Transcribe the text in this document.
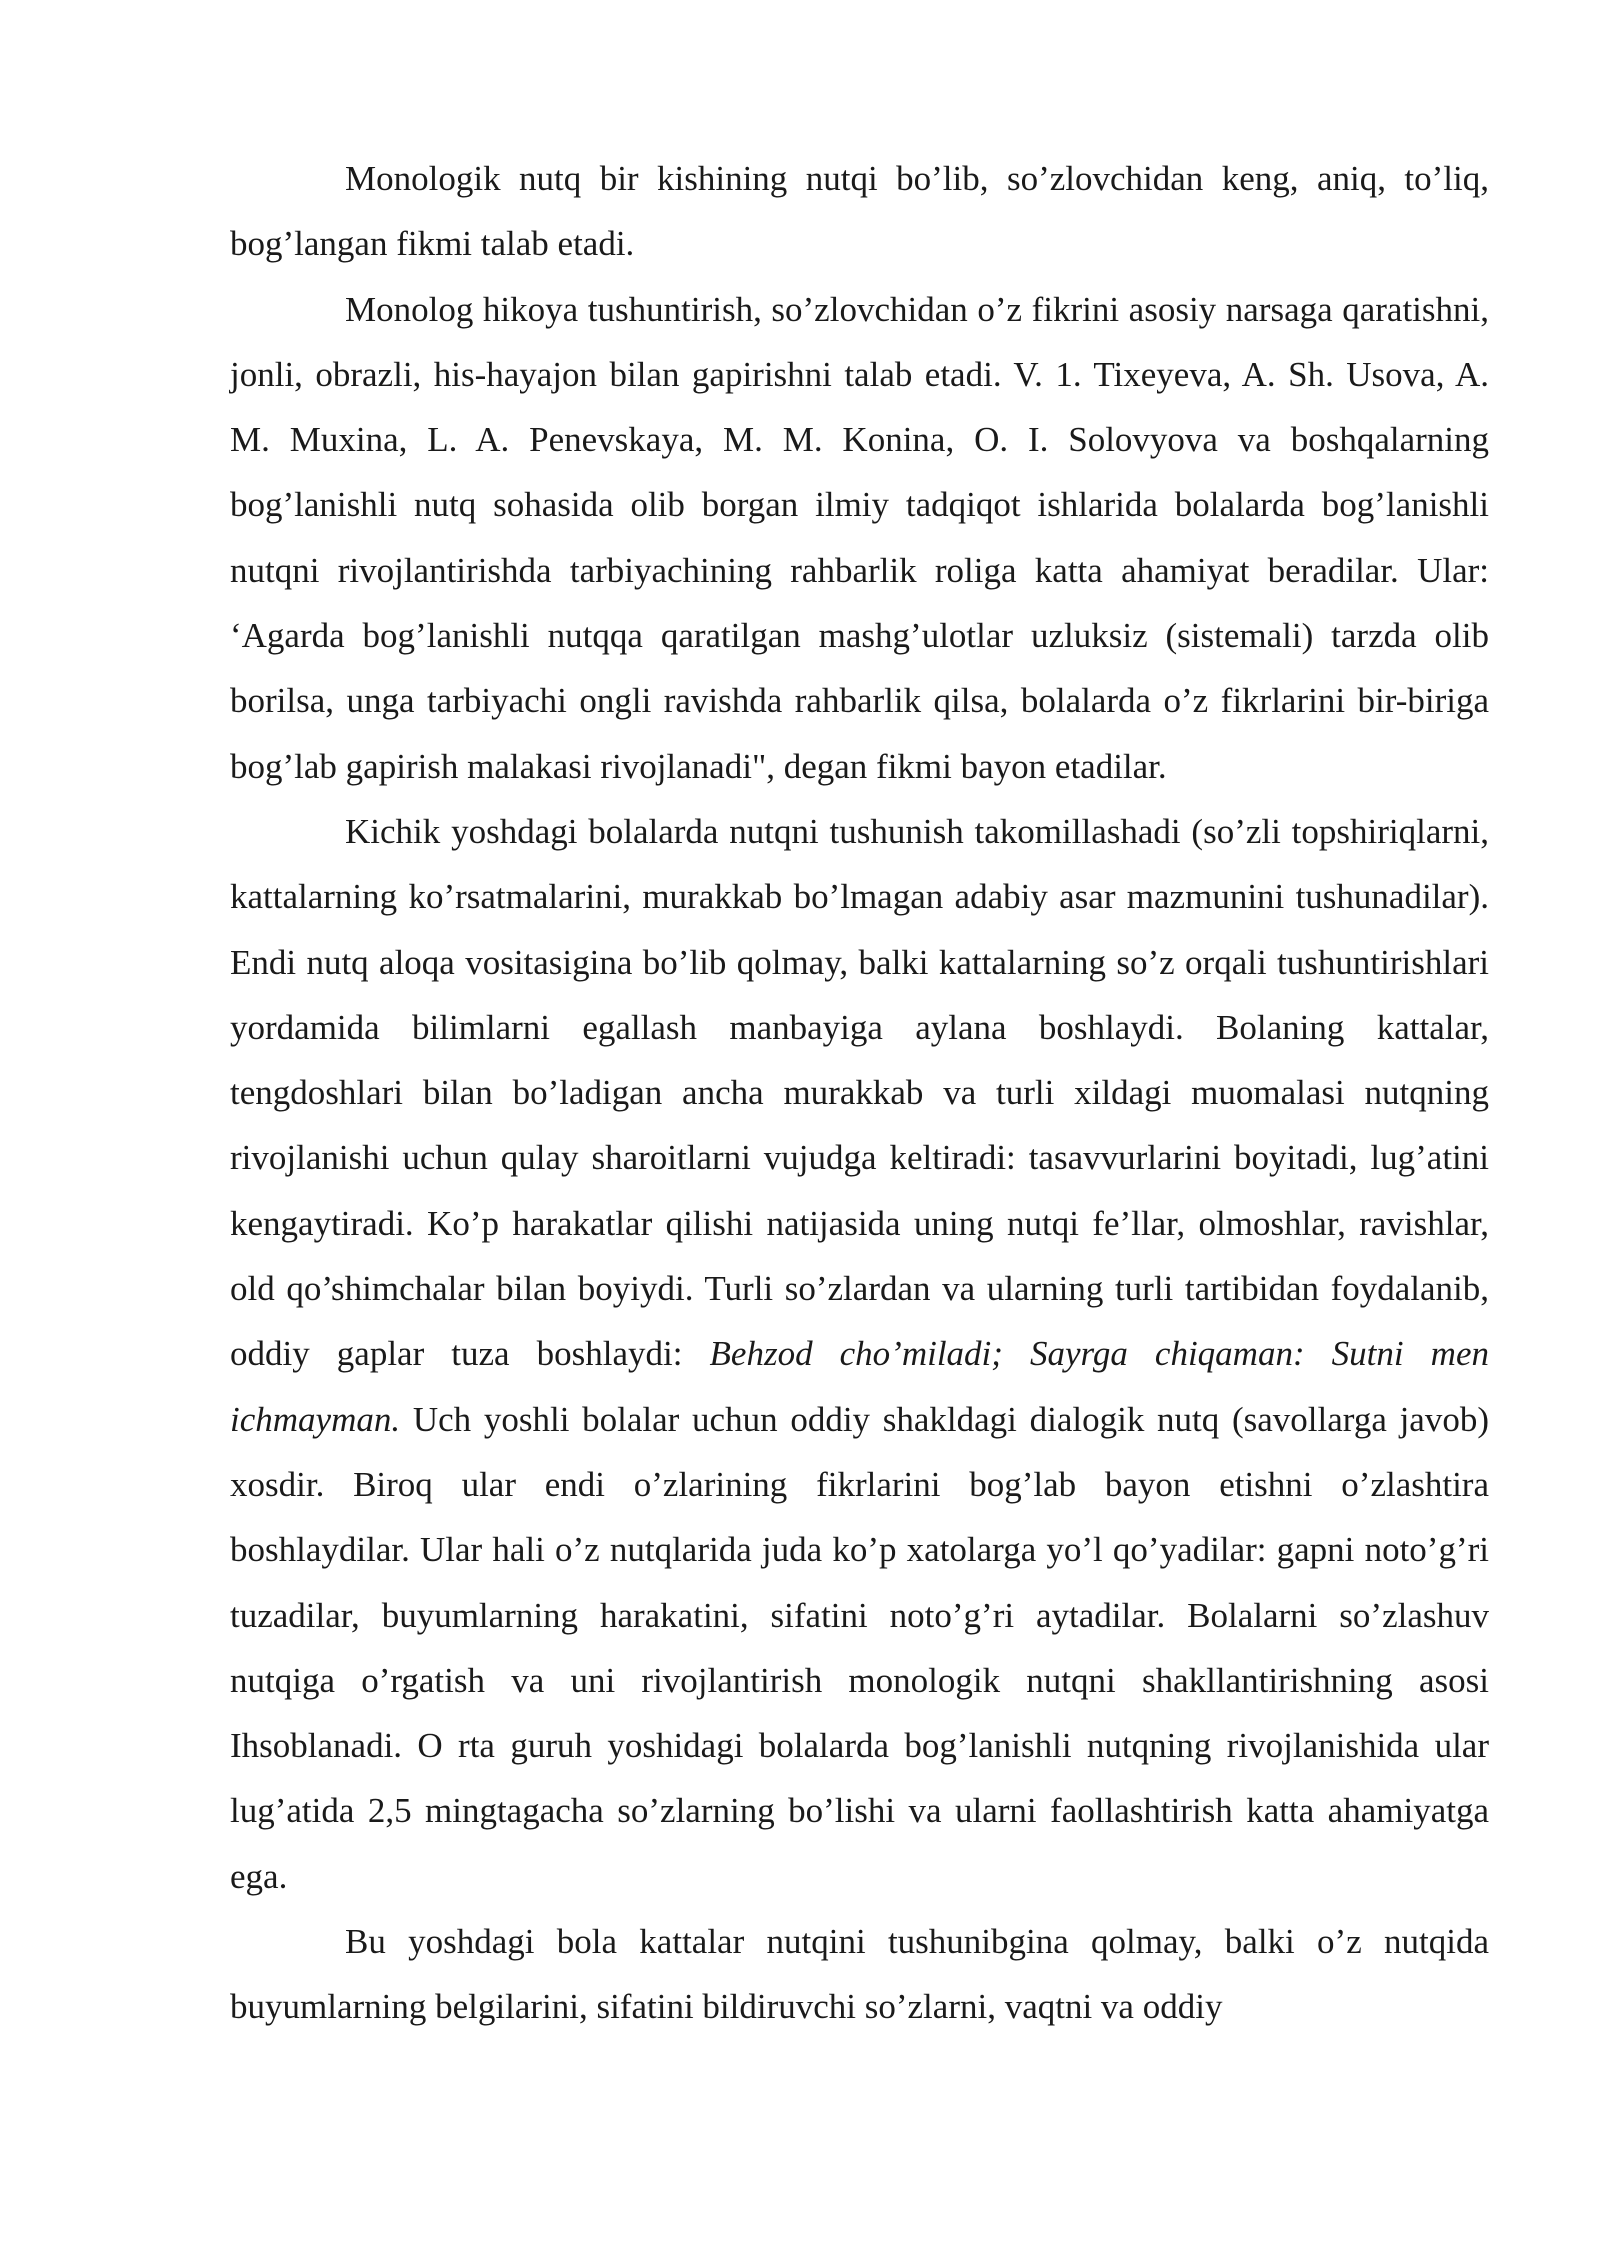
Monologik nutq bir kishining nutqi bo’lib, so’zlovchidan keng, aniq, to’liq, bog’langan fikmi talab etadi.

Monolog hikoya tushuntirish, so’zlovchidan o’z fikrini asosiy narsaga qaratishni, jonli, obrazli, his-hayajon bilan gapirishni talab etadi. V. 1. Tixeyeva, A. Sh. Usova, A. M. Muxina, L. A. Penevskaya, M. M. Konina, O. I. Solovyova va boshqalarning bog’lanishli nutq sohasida olib borgan ilmiy tadqiqot ishlarida bolalarda bog’lanishli nutqni rivojlantirishda tarbiyachining rahbarlik roliga katta ahamiyat beradilar. Ular: ‘Agarda bog’lanishli nutqqa qaratilgan mashg’ulotlar uzluksiz (sistemali) tarzda olib borilsa, unga tarbiyachi ongli ravishda rahbarlik qilsa, bolalarda o’z fikrlarini bir-biriga bog’lab gapirish malakasi rivojlanadi", degan fikmi bayon etadilar.

Kichik yoshdagi bolalarda nutqni tushunish takomillashadi (so’zli topshiriqlarni, kattalarning ko’rsatmalarini, murakkab bo’lmagan adabiy asar mazmunini tushunadilar). Endi nutq aloqa vositasigina bo’lib qolmay, balki kattalarning so’z orqali tushuntirishlari yordamida bilimlarni egallash manbayiga aylana boshlaydi. Bolaning kattalar, tengdoshlari bilan bo’ladigan ancha murakkab va turli xildagi muomalasi nutqning rivojlanishi uchun qulay sharoitlarni vujudga keltiradi: tasavvurlarini boyitadi, lug’atini kengaytiradi. Ko’p harakatlar qilishi natijasida uning nutqi fe’llar, olmoshlar, ravishlar, old qo’shimchalar bilan boyiydi. Turli so’zlardan va ularning turli tartibidan foydalanib, oddiy gaplar tuza boshlaydi: Behzod cho’miladi; Sayrga chiqaman: Sutni men ichmayman. Uch yoshli bolalar uchun oddiy shakldagi dialogik nutq (savollarga javob) xosdir. Biroq ular endi o’zlarining fikrlarini bog’lab bayon etishni o’zlashtira boshlaydilar. Ular hali o’z nutqlarida juda ko’p xatolarga yo’l qo’yadilar: gapni noto’g’ri tuzadilar, buyumlarning harakatini, sifatini noto’g’ri aytadilar. Bolalarni so’zlashuv nutqiga o’rgatish va uni rivojlantirish monologik nutqni shakllantirishning asosi Ihsoblanadi. O rta guruh yoshidagi bolalarda bog’lanishli nutqning rivojlanishida ular lug’atida 2,5 mingtagacha so’zlarning bo’lishi va ularni faollashtirish katta ahamiyatga ega.

Bu yoshdagi bola kattalar nutqini tushunibgina qolmay, balki o’z nutqida buyumlarning belgilarini, sifatini bildiruvchi so’zlarni, vaqtni va oddiy
